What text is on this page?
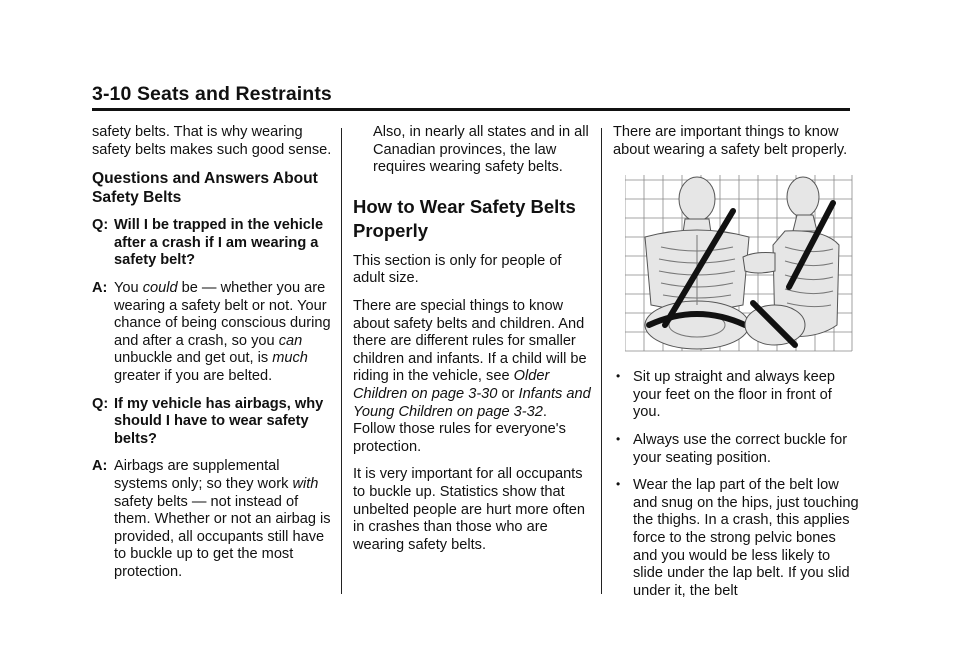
3-10 Seats and Restraints

safety belts. That is why wearing safety belts makes such good sense.

Questions and Answers About Safety Belts
Q: Will I be trapped in the vehicle after a crash if I am wearing a safety belt?
A: You could be — whether you are wearing a safety belt or not. Your chance of being conscious during and after a crash, so you can unbuckle and get out, is much greater if you are belted.
Q: If my vehicle has airbags, why should I have to wear safety belts?
A: Airbags are supplemental systems only; so they work with safety belts — not instead of them. Whether or not an airbag is provided, all occupants still have to buckle up to get the most protection.

Also, in nearly all states and in all Canadian provinces, the law requires wearing safety belts.

How to Wear Safety Belts Properly

This section is only for people of adult size.

There are special things to know about safety belts and children. And there are different rules for smaller children and infants. If a child will be riding in the vehicle, see Older Children on page 3-30 or Infants and Young Children on page 3-32. Follow those rules for everyone's protection.

It is very important for all occupants to buckle up. Statistics show that unbelted people are hurt more often in crashes than those who are wearing safety belts.

There are important things to know about wearing a safety belt properly.

• Sit up straight and always keep your feet on the floor in front of you.
• Always use the correct buckle for your seating position.
• Wear the lap part of the belt low and snug on the hips, just touching the thighs. In a crash, this applies force to the strong pelvic bones and you would be less likely to slide under the lap belt. If you slid under it, the belt
